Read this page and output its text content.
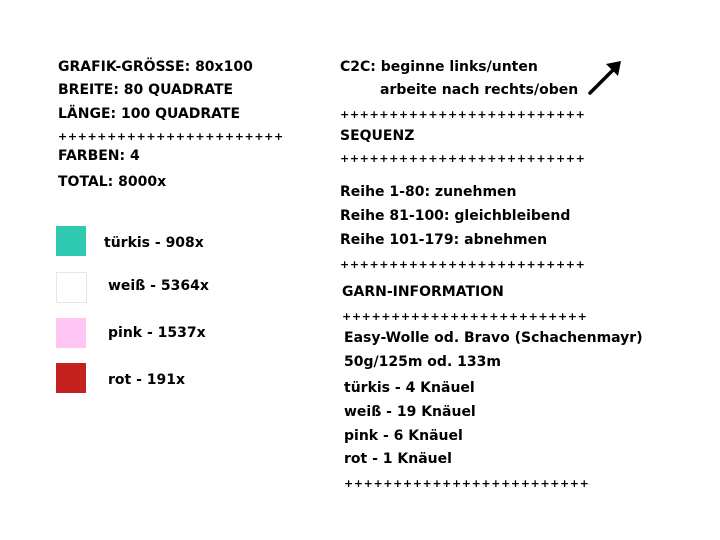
GRAFIK-GRÖSSE: 80x100
BREITE: 80 QUADRATE
LÄNGE: 100 QUADRATE
+++++++++++++++++++++++
FARBEN: 4
TOTAL: 8000x
türkis - 908x
weiß - 5364x
pink - 1537x
rot - 191x
C2C: beginne links/unten
arbeite nach rechts/oben
+++++++++++++++++++++++++
SEQUENZ
+++++++++++++++++++++++++
Reihe 1-80: zunehmen
Reihe 81-100: gleichbleibend
Reihe 101-179: abnehmen
+++++++++++++++++++++++++
GARN-INFORMATION
+++++++++++++++++++++++++
Easy-Wolle od. Bravo (Schachenmayr)
50g/125m od. 133m
türkis - 4 Knäuel
weiß - 19 Knäuel
pink - 6 Knäuel
rot - 1 Knäuel
+++++++++++++++++++++++++
